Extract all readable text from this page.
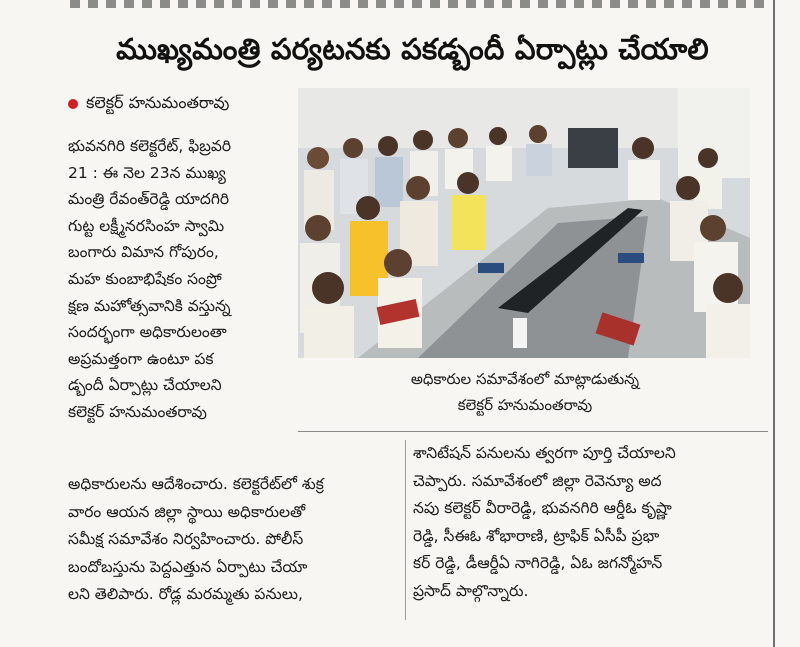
ముఖ్యమంత్రి పర్యటనకు పకడ్బందీ ఏర్పాట్లు చేయాలి
కలెక్టర్ హనుమంతరావు
భువనగిరి కలెక్టరేట్, ఫిబ్రవరి
21 : ఈ నెల 23న ముఖ్య
మంత్రి రేవంత్‌రెడ్డి యాదగిరి
గుట్ట లక్ష్మీనరసింహ స్వామి
బంగారు విమాన గోపురం,
మహ కుంబాభిషేకం సంప్రో
క్షణ మహోత్సవానికి వస్తున్న
సందర్భంగా అధికారులంతా
అప్రమత్తంగా ఉంటూ పక
డ్బందీ ఏర్పాట్లు చేయాలని
కలెక్టర్ హనుమంతరావు
అధికారుల సమావేశంలో మాట్లాడుతున్న
కలెక్టర్ హనుమంతరావు
అధికారులను ఆదేశించారు. కలెక్టరేట్‌లో శుక్ర
వారం ఆయన జిల్లా స్థాయి అధికారులతో
సమీక్ష సమావేశం నిర్వహించారు. పోలీస్
బందోబస్తును పెద్దఎత్తున ఏర్పాటు చేయా
లని తెలిపారు. రోడ్ల మరమ్మతు పనులు,
శానిటేషన్ పనులను త్వరగా పూర్తి చేయాలని
చెప్పారు. సమావేశంలో జిల్లా రెవెన్యూ అద
నపు కలెక్టర్ వీరారెడ్డి, భువనగిరి ఆర్డీఓ కృష్ణా
రెడ్డి, సీఈఓ శోభారాణి, ట్రాఫిక్ ఏసీపీ ప్రభా
కర్ రెడ్డి, డీఆర్డీఏ నాగిరెడ్డి, ఏఓ జగన్మోహన్
ప్రసాద్ పాల్గొన్నారు.
